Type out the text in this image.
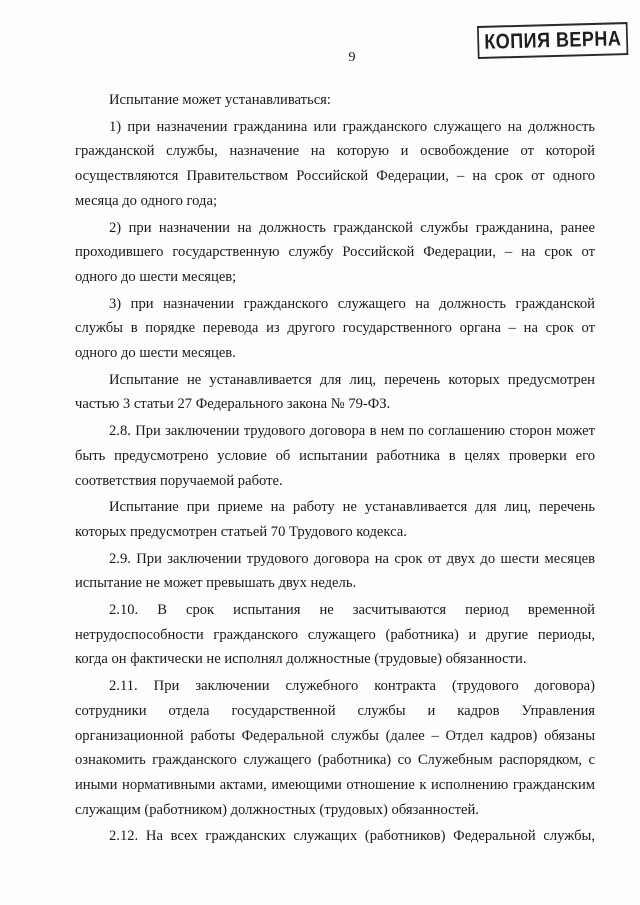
9
КОПИЯ ВЕРНА

Испытание может устанавливаться:

1) при назначении гражданина или гражданского служащего на должность гражданской службы, назначение на которую и освобождение от которой осуществляются Правительством Российской Федерации, – на срок от одного месяца до одного года;

2) при назначении на должность гражданской службы гражданина, ранее проходившего государственную службу Российской Федерации, – на срок от одного до шести месяцев;

3) при назначении гражданского служащего на должность гражданской службы в порядке перевода из другого государственного органа – на срок от одного до шести месяцев.

Испытание не устанавливается для лиц, перечень которых предусмотрен частью 3 статьи 27 Федерального закона № 79-ФЗ.

2.8. При заключении трудового договора в нем по соглашению сторон может быть предусмотрено условие об испытании работника в целях проверки его соответствия поручаемой работе.

Испытание при приеме на работу не устанавливается для лиц, перечень которых предусмотрен статьей 70 Трудового кодекса.

2.9. При заключении трудового договора на срок от двух до шести месяцев испытание не может превышать двух недель.

2.10. В срок испытания не засчитываются период временной нетрудоспособности гражданского служащего (работника) и другие периоды, когда он фактически не исполнял должностные (трудовые) обязанности.

2.11. При заключении служебного контракта (трудового договора) сотрудники отдела государственной службы и кадров Управления организационной работы Федеральной службы (далее – Отдел кадров) обязаны ознакомить гражданского служащего (работника) со Служебным распорядком, с иными нормативными актами, имеющими отношение к исполнению гражданским служащим (работником) должностных (трудовых) обязанностей.

2.12. На всех гражданских служащих (работников) Федеральной службы,
